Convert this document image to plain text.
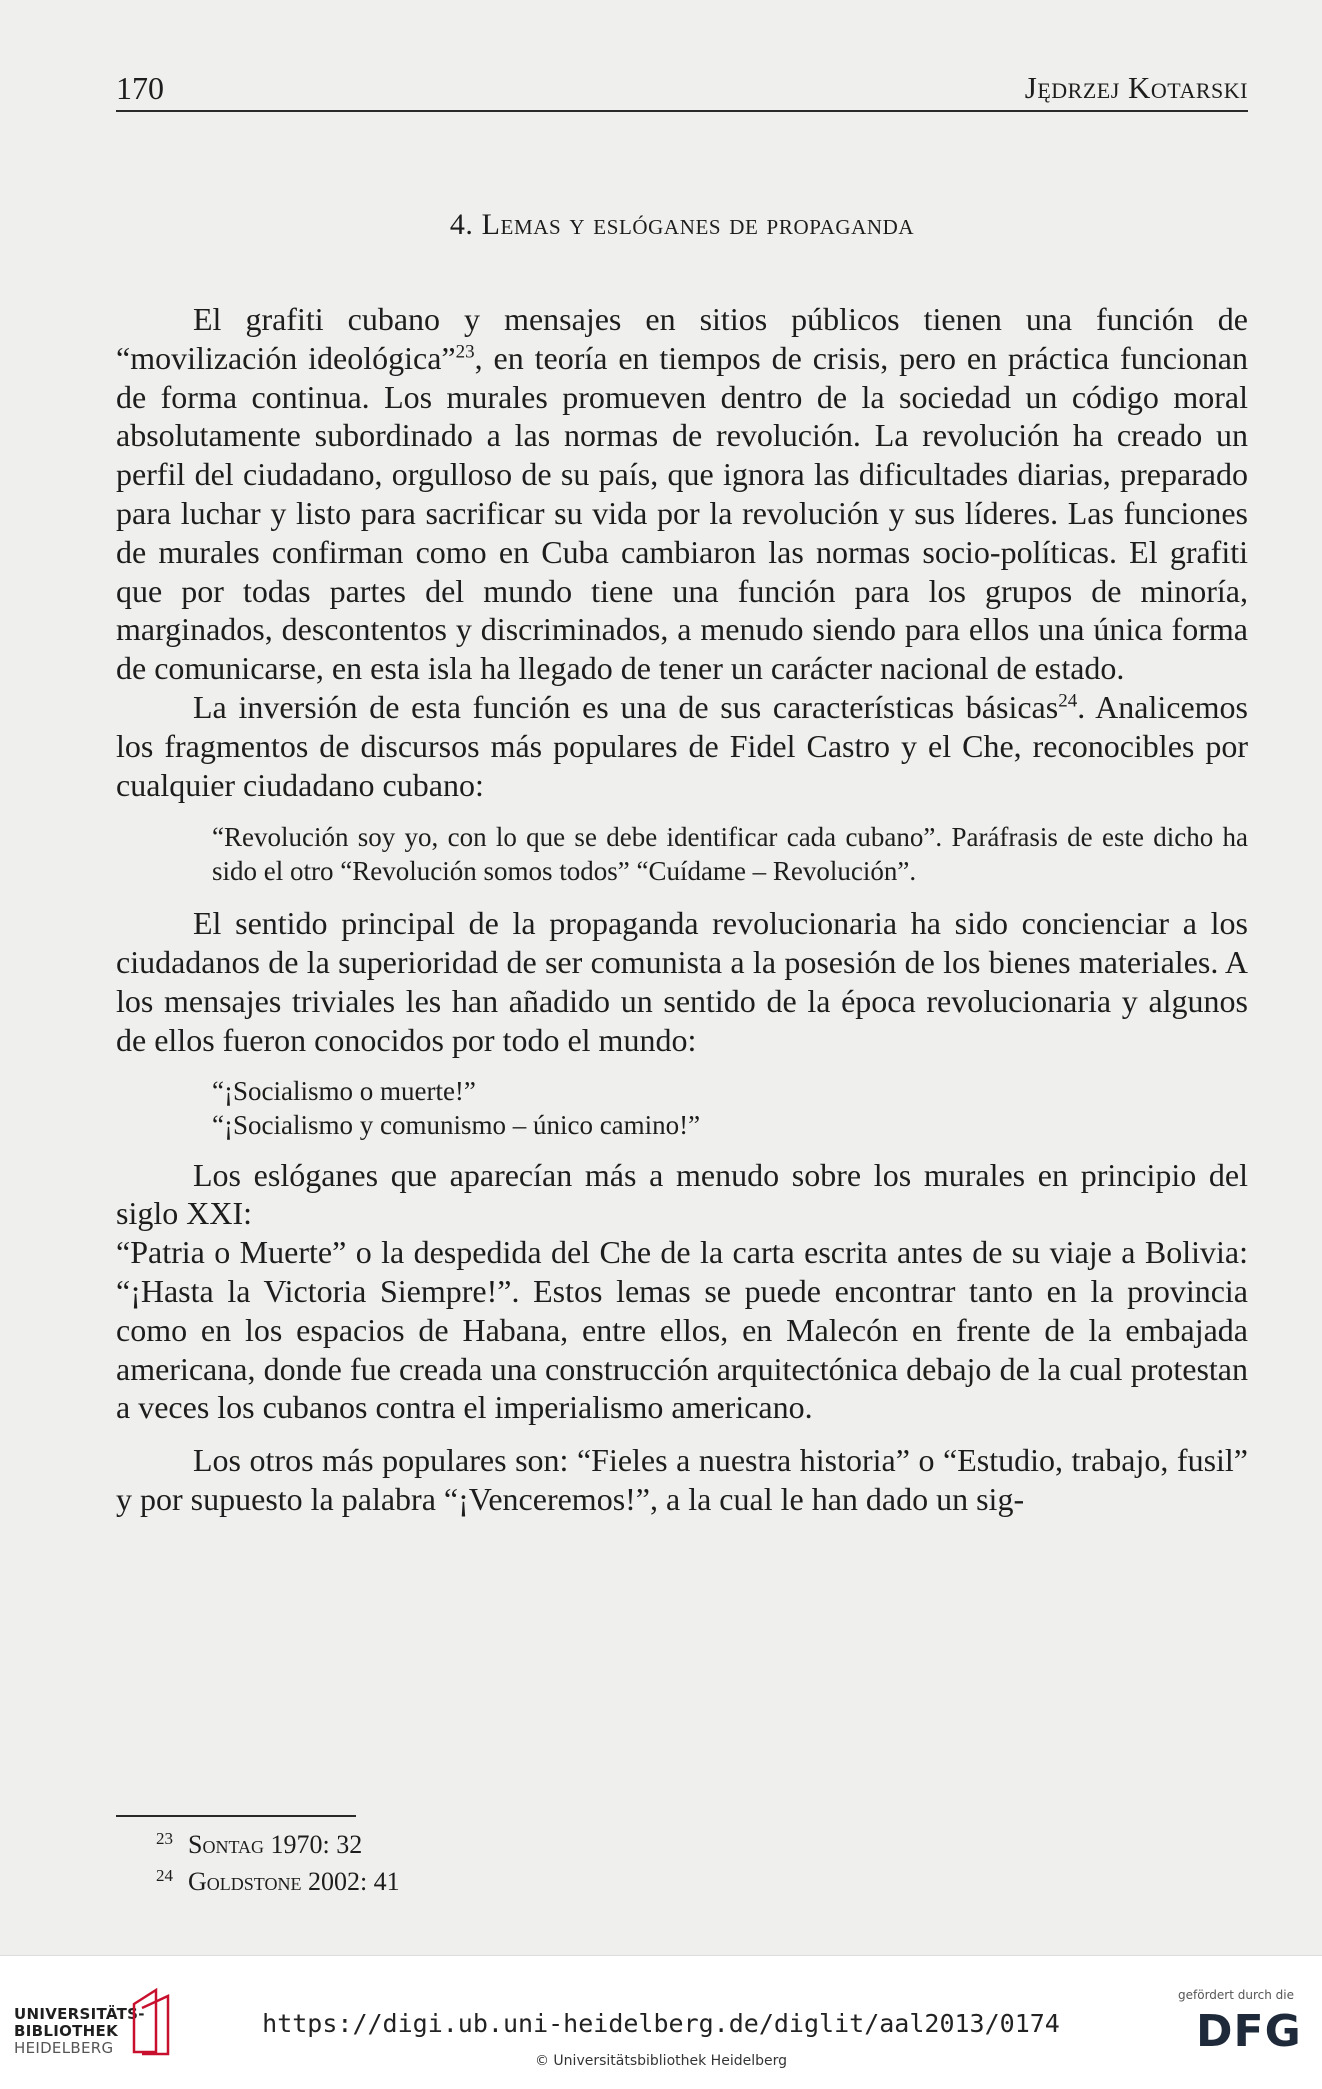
170	Jędrzej Kotarski
4. Lemas y eslóganes de propaganda

El grafiti cubano y mensajes en sitios públicos tienen una función de “movilización ideológica”$^{23}$, en teoría en tiempos de crisis, pero en práctica funcionan de forma continua. Los murales promueven dentro de la sociedad un código moral absolutamente subordinado a las normas de revolución. La revolución ha creado un perfil del ciudadano, orgulloso de su país, que ignora las dificultades diarias, preparado para luchar y listo para sacrificar su vida por la revolución y sus líderes. Las funciones de murales confirman como en Cuba cambiaron las normas socio-políticas. El grafiti que por todas partes del mundo tiene una función para los grupos de minoría, marginados, descontentos y discriminados, a menudo siendo para ellos una única forma de comunicarse, en esta isla ha llegado de tener un carácter nacional de estado.

La inversión de esta función es una de sus características básicas$^{24}$. Analicemos los fragmentos de discursos más populares de Fidel Castro y el Che, reconocibles por cualquier ciudadano cubano:

“Revolución soy yo, con lo que se debe identificar cada cubano”. Paráfrasis de este dicho ha sido el otro “Revolución somos todos” “Cuídame – Revolución”.

El sentido principal de la propaganda revolucionaria ha sido concienciar a los ciudadanos de la superioridad de ser comunista a la posesión de los bienes materiales. A los mensajes triviales les han añadido un sentido de la época revolucionaria y algunos de ellos fueron conocidos por todo el mundo:

“¡Socialismo o muerte!”

“¡Socialismo y comunismo – único camino!”

Los eslóganes que aparecían más a menudo sobre los murales en principio del siglo XXI:

“Patria o Muerte” o la despedida del Che de la carta escrita antes de su viaje a Bolivia: “¡Hasta la Victoria Siempre!”. Estos lemas se puede encontrar tanto en la provincia como en los espacios de Habana, entre ellos, en Malecón en frente de la embajada americana, donde fue creada una construcción arquitectónica debajo de la cual protestan a veces los cubanos contra el imperialismo americano.

Los otros más populares son: “Fieles a nuestra historia” o “Estudio, trabajo, fusil” y por supuesto la palabra “¡Venceremos!”, a la cual le han dado un sig-

23 Sontag 1970: 32
24 Goldstone 2002: 41
UNIVERSITÄTS-
BIBLIOTHEK
HEIDELBERG
https://digi.ub.uni-heidelberg.de/diglit/aal2013/0174
© Universitätsbibliothek Heidelberg
gefördert durch die
DFG
